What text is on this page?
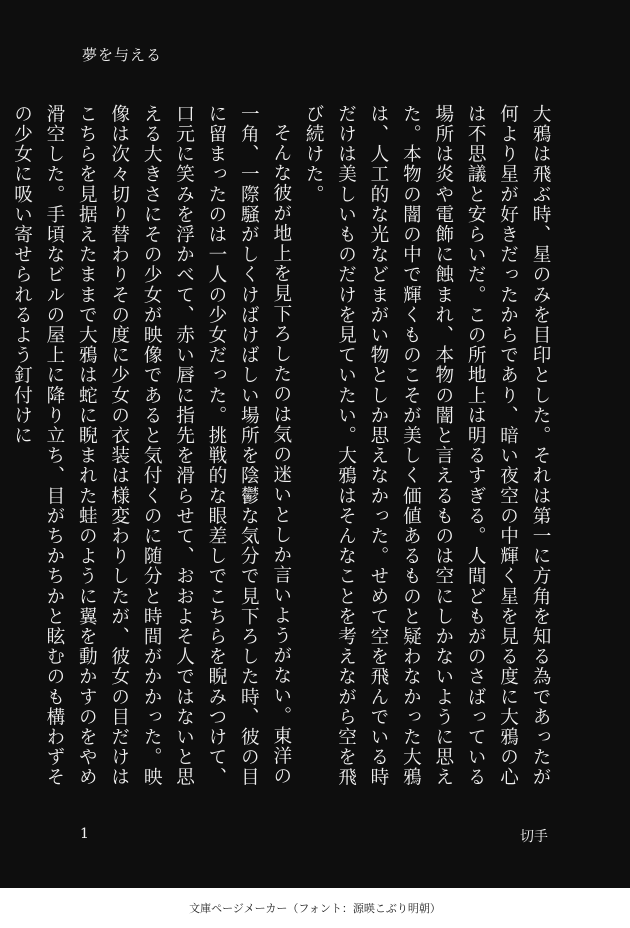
夢を与える

大鴉は飛ぶ時、星のみを目印とした。それは第一に方角を知る為であったが何より星が好きだったからであり、暗い夜空の中輝く星を見る度に大鴉の心は不思議と安らいだ。この所地上は明るすぎる。人間どもがのさばっている場所は炎や電飾に蝕まれ、本物の闇と言えるものは空にしかないように思えた。本物の闇の中で輝くものこそが美しく価値あるものと疑わなかった大鴉は、人工的な光などまがい物としか思えなかった。せめて空を飛んでいる時だけは美しいものだけを見ていたい。大鴉はそんなことを考えながら空を飛び続けた。

そんな彼が地上を見下ろしたのは気の迷いとしか言いようがない。東洋の一角、一際騒がしくけばけばしい場所を陰鬱な気分で見下ろした時、彼の目に留まったのは一人の少女だった。挑戦的な眼差しでこちらを睨みつけて、口元に笑みを浮かべて、赤い唇に指先を滑らせて、おおよそ人ではないと思える大きさにその少女が映像であると気付くのに随分と時間がかかった。映像は次々切り替わりその度に少女の衣装は様変わりしたが、彼女の目だけはこちらを見据えたままで大鴉は蛇に睨まれた蛙のように翼を動かすのをやめ滑空した。手頃なビルの屋上に降り立ち、目がちかちかと眩むのも構わずその少女に吸い寄せられるよう釘付けに

1	切手
文庫ページメーカー（フォント：源暎こぶり明朝）
